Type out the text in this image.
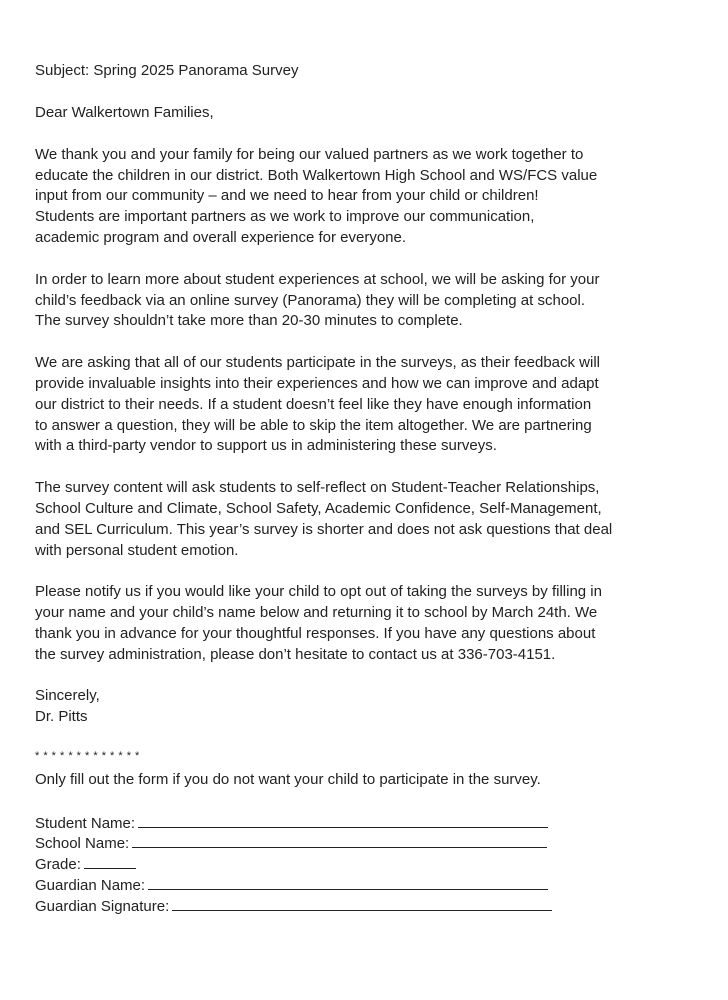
Subject: Spring 2025 Panorama Survey

Dear Walkertown Families,

We thank you and your family for being our valued partners as we work together to

educate the children in our district. Both Walkertown High School and WS/FCS value

input from our community – and we need to hear from your child or children!

Students are important partners as we work to improve our communication,

academic program and overall experience for everyone.

In order to learn more about student experiences at school, we will be asking for your

child’s feedback via an online survey (Panorama) they will be completing at school.

The survey shouldn’t take more than 20-30 minutes to complete.

We are asking that all of our students participate in the surveys, as their feedback will

provide invaluable insights into their experiences and how we can improve and adapt

our district to their needs. If a student doesn’t feel like they have enough information

to answer a question, they will be able to skip the item altogether. We are partnering

with a third-party vendor to support us in administering these surveys.

The survey content will ask students to self-reflect on Student-Teacher Relationships,

School Culture and Climate, School Safety, Academic Confidence, Self-Management,

and SEL Curriculum. This year’s survey is shorter and does not ask questions that deal

with personal student emotion.

Please notify us if you would like your child to opt out of taking the surveys by filling in

your name and your child’s name below and returning it to school by March 24th. We

thank you in advance for your thoughtful responses. If you have any questions about

the survey administration, please don’t hesitate to contact us at 336-703-4151.

Sincerely,

Dr. Pitts

* * * * * * * * * * * * *

Only fill out the form if you do not want your child to participate in the survey.

Student Name:
School Name:
Grade:
Guardian Name:
Guardian Signature:
